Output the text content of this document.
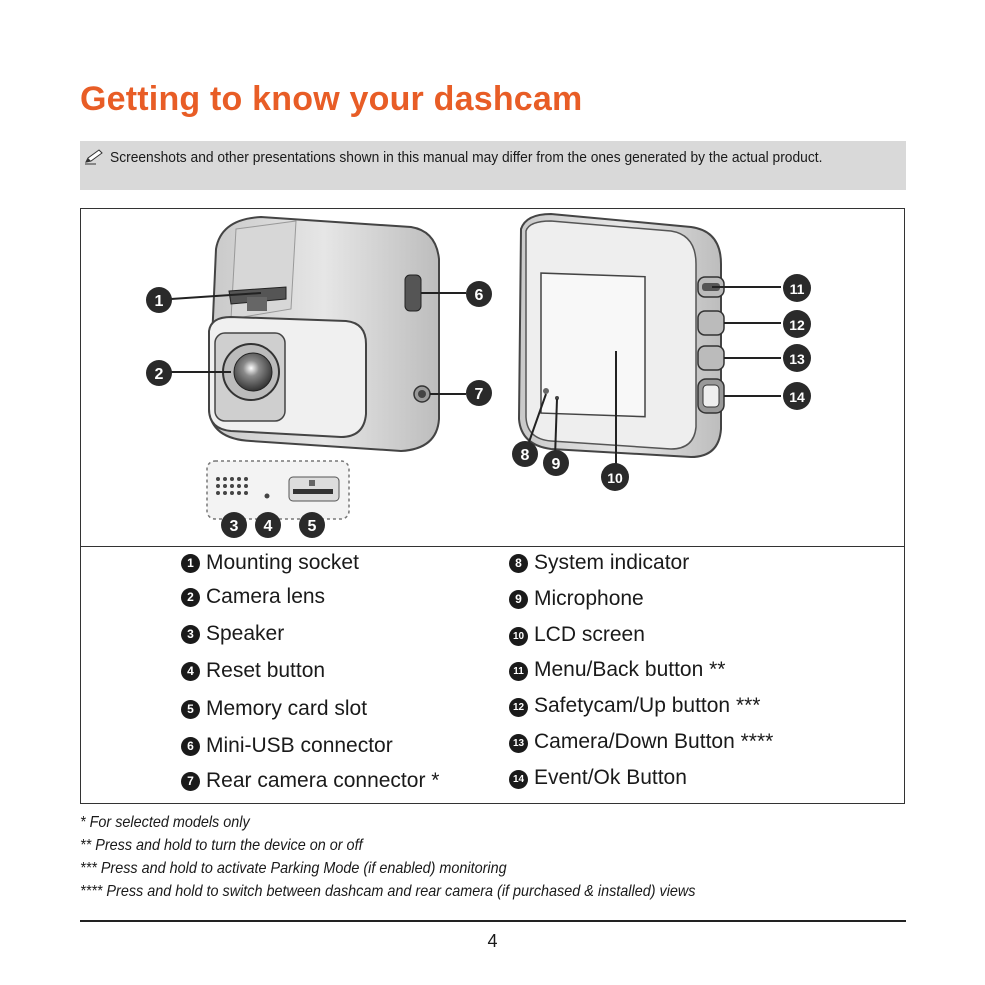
Getting to know your dashcam
Screenshots and other presentations shown in this manual may differ from the ones generated by the actual product.
1
2
3 4 5
6
7
8
9
10
11
12
13
14
1 Mounting socket
2 Camera lens
3 Speaker
4 Reset button
5 Memory card slot
6 Mini-USB connector
7 Rear camera connector *
8 System indicator
9 Microphone
10 LCD screen
11 Menu/Back button **
12 Safetycam/Up button ***
13 Camera/Down Button ****
14 Event/Ok Button
* For selected models only
** Press and hold to turn the device on or off
*** Press and hold to activate Parking Mode (if enabled) monitoring
**** Press and hold to switch between dashcam and rear camera (if purchased & installed) views
4
